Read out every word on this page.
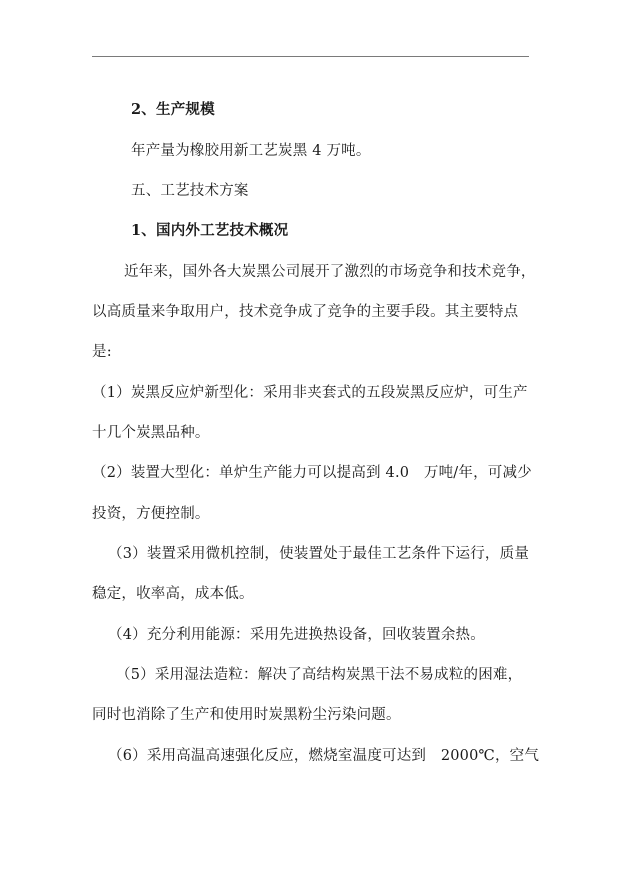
2、生产规模
年产量为橡胶用新工艺炭黑 4 万吨。
五、工艺技术方案
1、国内外工艺技术概况
近年来，国外各大炭黑公司展开了激烈的市场竞争和技术竞争，
以高质量来争取用户，技术竞争成了竞争的主要手段。其主要特点
是:
（1）炭黑反应炉新型化：采用非夹套式的五段炭黑反应炉，可生产
十几个炭黑品种。
（2）装置大型化：单炉生产能力可以提高到 4.0　万吨/年，可减少
投资，方便控制。
（3）装置采用微机控制，使装置处于最佳工艺条件下运行，质量
稳定，收率高，成本低。
（4）充分利用能源：采用先进换热设备，回收装置余热。
（5）采用湿法造粒：解决了高结构炭黑干法不易成粒的困难，
同时也消除了生产和使用时炭黑粉尘污染问题。
（6）采用高温高速强化反应，燃烧室温度可达到　2000℃，空气
